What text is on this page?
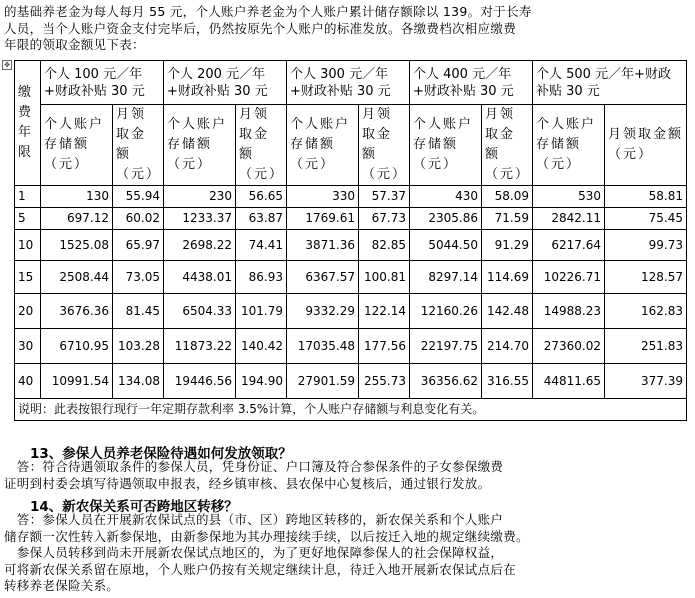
的基础养老金为每人每月 55 元，个人账户养老金为个人账户累计储存额除以 139。对于长寿
人员，当个人账户资金支付完毕后，仍然按原先个人账户的标准发放。各缴费档次相应缴费
年限的领取金额见下表：
✥
缴费年限	个人 100 元／年+财政补贴 30 元		个人 200 元／年+财政补贴 30 元		个人 300 元／年+财政补贴 30 元		个人 400 元／年+财政补贴 30 元		个人 500 元／年+财政补贴 30 元	
	个人账户存储额（元）	月领取金额（元）	个人账户存储额（元）	月领取金额（元）	个人账户存储额（元）	月领取金额（元）	个人账户存储额（元）	月领取金额（元）	个人账户存储额（元）	月领取金额（元）
1	130	55.94	230	56.65	330	57.37	430	58.09	530	58.81
5	697.12	60.02	1233.37	63.87	1769.61	67.73	2305.86	71.59	2842.11	75.45
10	1525.08	65.97	2698.22	74.41	3871.36	82.85	5044.50	91.29	6217.64	99.73
15	2508.44	73.05	4438.01	86.93	6367.57	100.81	8297.14	114.69	10226.71	128.57
20	3676.36	81.45	6504.33	101.79	9332.29	122.14	12160.26	142.48	14988.23	162.83
30	6710.95	103.28	11873.22	140.42	17035.48	177.56	22197.75	214.70	27360.02	251.83
40	10991.54	134.08	19446.56	194.90	27901.59	255.73	36356.62	316.55	44811.65	377.39
说明：此表按银行现行一年定期存款利率 3.5%计算，个人账户存储额与利息变化有关。										
13、参保人员养老保险待遇如何发放领取？
　答：符合待遇领取条件的参保人员，凭身份证、户口簿及符合参保条件的子女参保缴费
证明到村委会填写待遇领取申报表，经乡镇审核、县农保中心复核后，通过银行发放。
14、新农保关系可否跨地区转移？
　答：参保人员在开展新农保试点的县（市、区）跨地区转移的，新农保关系和个人账户
储存额一次性转入新参保地，由新参保地为其办理接续手续，以后按迁入地的规定继续缴费。
　参保人员转移到尚未开展新农保试点地区的，为了更好地保障参保人的社会保障权益，
可将新农保关系留在原地，个人账户仍按有关规定继续计息，待迁入地开展新农保试点后在
转移养老保险关系。
